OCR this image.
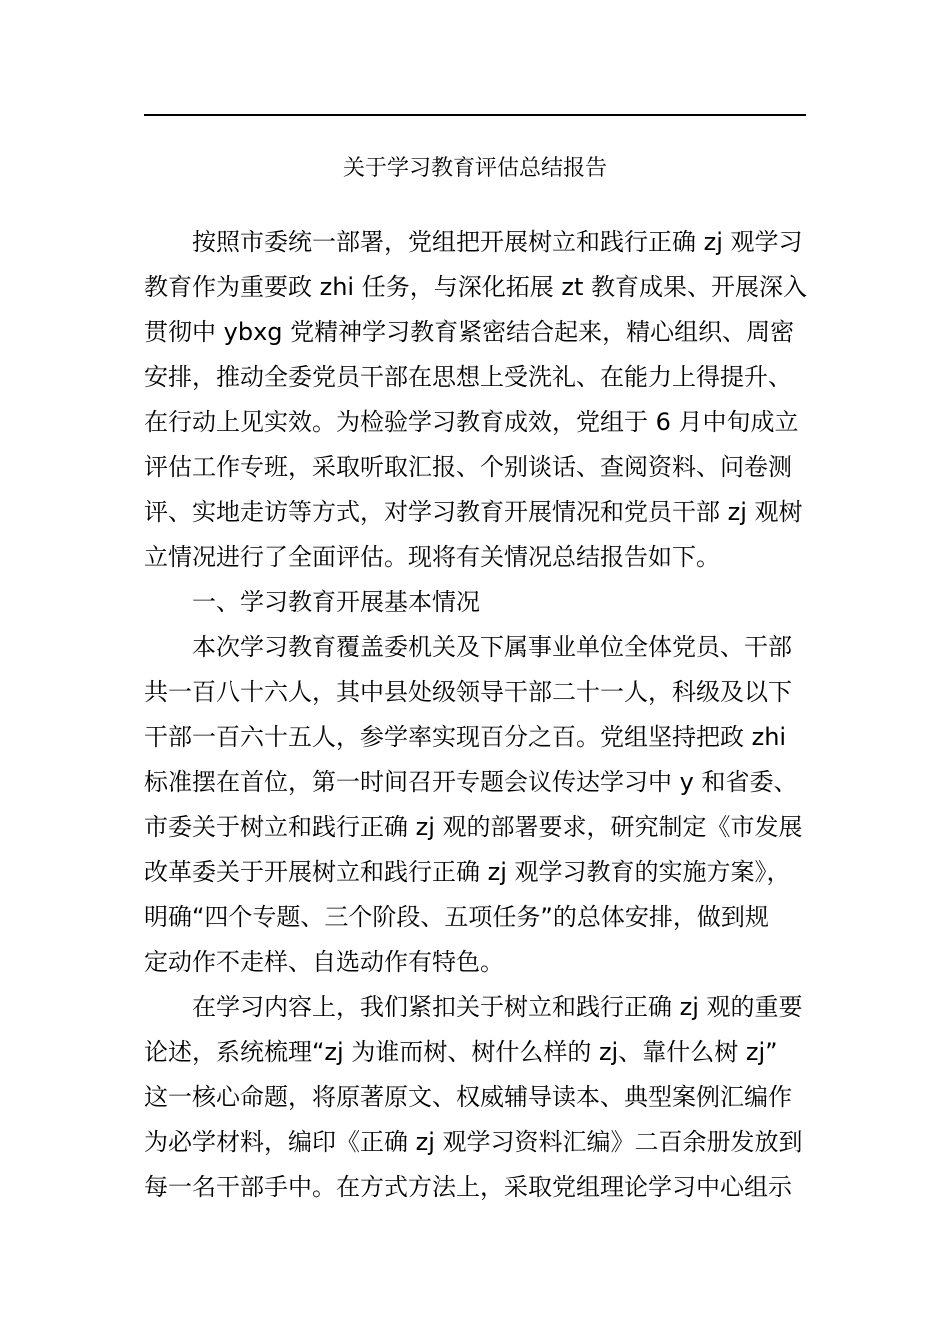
关于学习教育评估总结报告
按照市委统一部署，党组把开展树立和践行正确 zj 观学习
教育作为重要政 zhi 任务，与深化拓展 zt 教育成果、开展深入
贯彻中 ybxg 党精神学习教育紧密结合起来，精心组织、周密
安排，推动全委党员干部在思想上受洗礼、在能力上得提升、
在行动上见实效。为检验学习教育成效，党组于 6 月中旬成立
评估工作专班，采取听取汇报、个别谈话、查阅资料、问卷测
评、实地走访等方式，对学习教育开展情况和党员干部 zj 观树
立情况进行了全面评估。现将有关情况总结报告如下。
一、学习教育开展基本情况
本次学习教育覆盖委机关及下属事业单位全体党员、干部
共一百八十六人，其中县处级领导干部二十一人，科级及以下
干部一百六十五人，参学率实现百分之百。党组坚持把政 zhi
标准摆在首位，第一时间召开专题会议传达学习中 y 和省委、
市委关于树立和践行正确 zj 观的部署要求，研究制定《市发展
改革委关于开展树立和践行正确 zj 观学习教育的实施方案》，
明确“四个专题、三个阶段、五项任务”的总体安排，做到规
定动作不走样、自选动作有特色。
在学习内容上，我们紧扣关于树立和践行正确 zj 观的重要
论述，系统梳理“zj 为谁而树、树什么样的 zj、靠什么树 zj”
这一核心命题，将原著原文、权威辅导读本、典型案例汇编作
为必学材料，编印《正确 zj 观学习资料汇编》二百余册发放到
每一名干部手中。在方式方法上，采取党组理论学习中心组示
